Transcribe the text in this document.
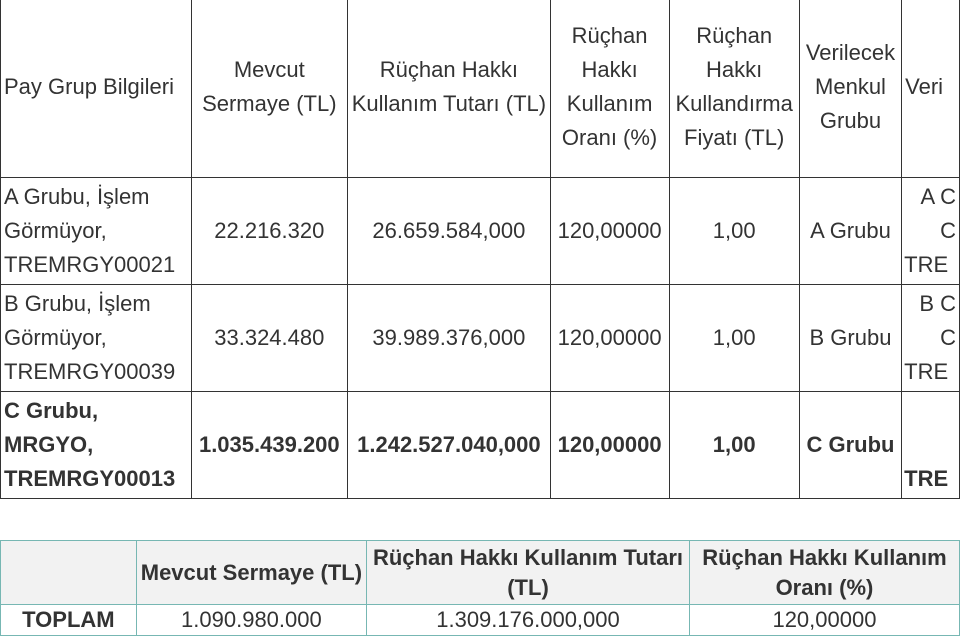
Pay Grup Bilgileri	Mevcut Sermaye (TL)	Rüçhan Hakkı Kullanım Tutarı (TL)	Rüçhan Hakkı Kullanım Oranı (%)	Rüçhan Hakkı Kullandırma Fiyatı (TL)	Verilecek Menkul Grubu	Veri
A Grubu, İşlem Görmüyor, TREMRGY00021	22.216.320	26.659.584,000	120,00000	1,00	A Grubu	A C
C
TRE

B Grubu, İşlem Görmüyor, TREMRGY00039	33.324.480	39.989.376,000	120,00000	1,00	B Grubu	B C
C
TRE

C Grubu, MRGYO, TREMRGY00013	1.035.439.200	1.242.527.040,000	120,00000	1,00	C Grubu	TRE
	Mevcut Sermaye (TL)	Rüçhan Hakkı Kullanım Tutarı (TL)	Rüçhan Hakkı Kullanım Oranı (%)
TOPLAM	1.090.980.000	1.309.176.000,000	120,00000
